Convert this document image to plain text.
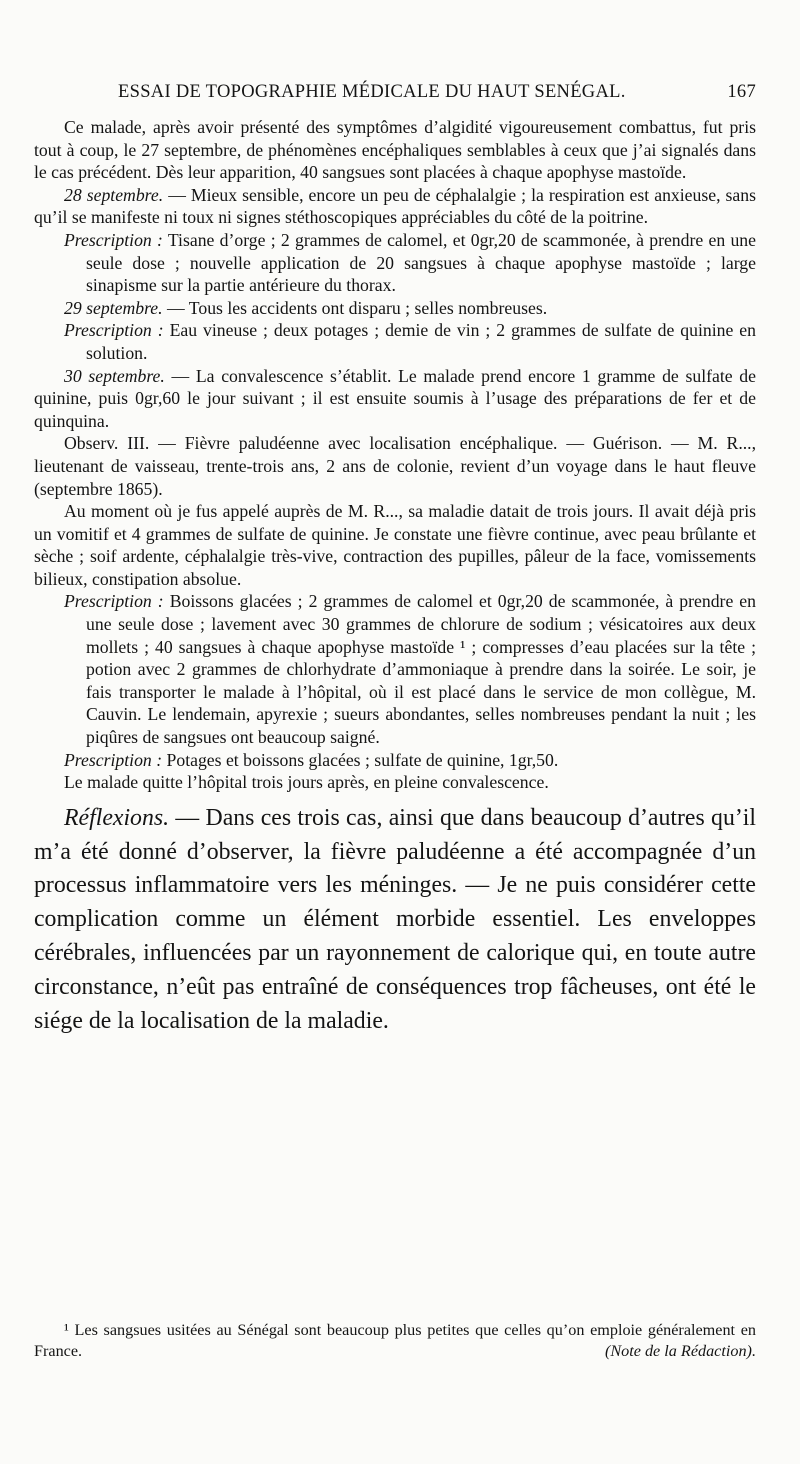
ESSAI DE TOPOGRAPHIE MÉDICALE DU HAUT SENÉGAL.	167

Ce malade, après avoir présenté des symptômes d’algidité vigoureusement combattus, fut pris tout à coup, le 27 septembre, de phénomènes encéphaliques semblables à ceux que j’ai signalés dans le cas précédent. Dès leur apparition, 40 sangsues sont placées à chaque apophyse mastoïde.

28 septembre. — Mieux sensible, encore un peu de céphalalgie ; la respiration est anxieuse, sans qu’il se manifeste ni toux ni signes stéthoscopiques appréciables du côté de la poitrine.

Prescription : Tisane d’orge ; 2 grammes de calomel, et 0gr,20 de scammonée, à prendre en une seule dose ; nouvelle application de 20 sangsues à chaque apophyse mastoïde ; large sinapisme sur la partie antérieure du thorax.

29 septembre. — Tous les accidents ont disparu ; selles nombreuses.

Prescription : Eau vineuse ; deux potages ; demie de vin ; 2 grammes de sulfate de quinine en solution.

30 septembre. — La convalescence s’établit. Le malade prend encore 1 gramme de sulfate de quinine, puis 0gr,60 le jour suivant ; il est ensuite soumis à l’usage des préparations de fer et de quinquina.

Observ. III. — Fièvre paludéenne avec localisation encéphalique. — Guérison. — M. R..., lieutenant de vaisseau, trente-trois ans, 2 ans de colonie, revient d’un voyage dans le haut fleuve (septembre 1865).

Au moment où je fus appelé auprès de M. R..., sa maladie datait de trois jours. Il avait déjà pris un vomitif et 4 grammes de sulfate de quinine. Je constate une fièvre continue, avec peau brûlante et sèche ; soif ardente, céphalalgie très-vive, contraction des pupilles, pâleur de la face, vomissements bilieux, constipation absolue.

Prescription : Boissons glacées ; 2 grammes de calomel et 0gr,20 de scammonée, à prendre en une seule dose ; lavement avec 30 grammes de chlorure de sodium ; vésicatoires aux deux mollets ; 40 sangsues à chaque apophyse mastoïde ¹ ; compresses d’eau placées sur la tête ; potion avec 2 grammes de chlorhydrate d’ammoniaque à prendre dans la soirée. Le soir, je fais transporter le malade à l’hôpital, où il est placé dans le service de mon collègue, M. Cauvin. Le lendemain, apyrexie ; sueurs abondantes, selles nombreuses pendant la nuit ; les piqûres de sangsues ont beaucoup saigné.

Prescription : Potages et boissons glacées ; sulfate de quinine, 1gr,50.

Le malade quitte l’hôpital trois jours après, en pleine convalescence.

Réflexions. — Dans ces trois cas, ainsi que dans beaucoup d’autres qu’il m’a été donné d’observer, la fièvre paludéenne a été accompagnée d’un processus inflammatoire vers les méninges. — Je ne puis considérer cette complication comme un élément morbide essentiel. Les enveloppes cérébrales, influencées par un rayonnement de calorique qui, en toute autre circonstance, n’eût pas entraîné de conséquences trop fâcheuses, ont été le siége de la localisation de la maladie.

¹ Les sangsues usitées au Sénégal sont beaucoup plus petites que celles qu’on emploie généralement en France.	(Note de la Rédaction).
